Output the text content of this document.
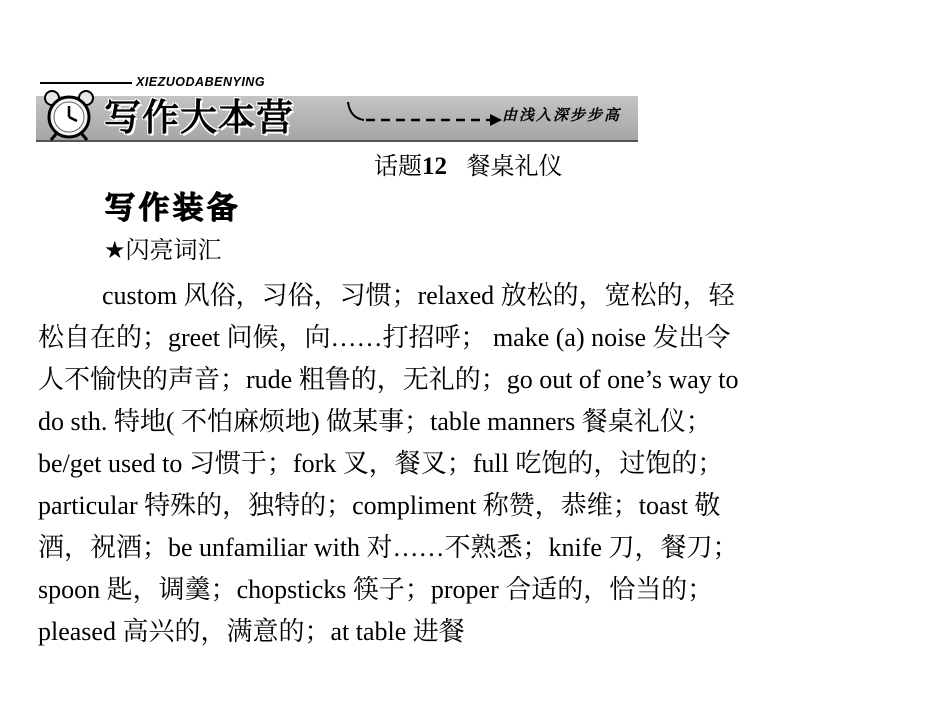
XIEZUODABENYING
写作大本营	由浅入深步步高
话题12 餐桌礼仪
写作装备
★闪亮词汇
custom 风俗，习俗，习惯；relaxed 放松的，宽松的，轻
松自在的；greet 问候，向……打招呼； make (a) noise 发出令
人不愉快的声音；rude 粗鲁的，无礼的；go out of one’s way to
do sth. 特地( 不怕麻烦地) 做某事；table manners 餐桌礼仪；
be/get used to 习惯于；fork 叉，餐叉；full 吃饱的，过饱的；
particular 特殊的，独特的；compliment 称赞，恭维；toast 敬
酒，祝酒；be unfamiliar with 对……不熟悉；knife 刀，餐刀；
spoon 匙，调羹；chopsticks 筷子；proper 合适的，恰当的；
pleased 高兴的，满意的；at table 进餐
